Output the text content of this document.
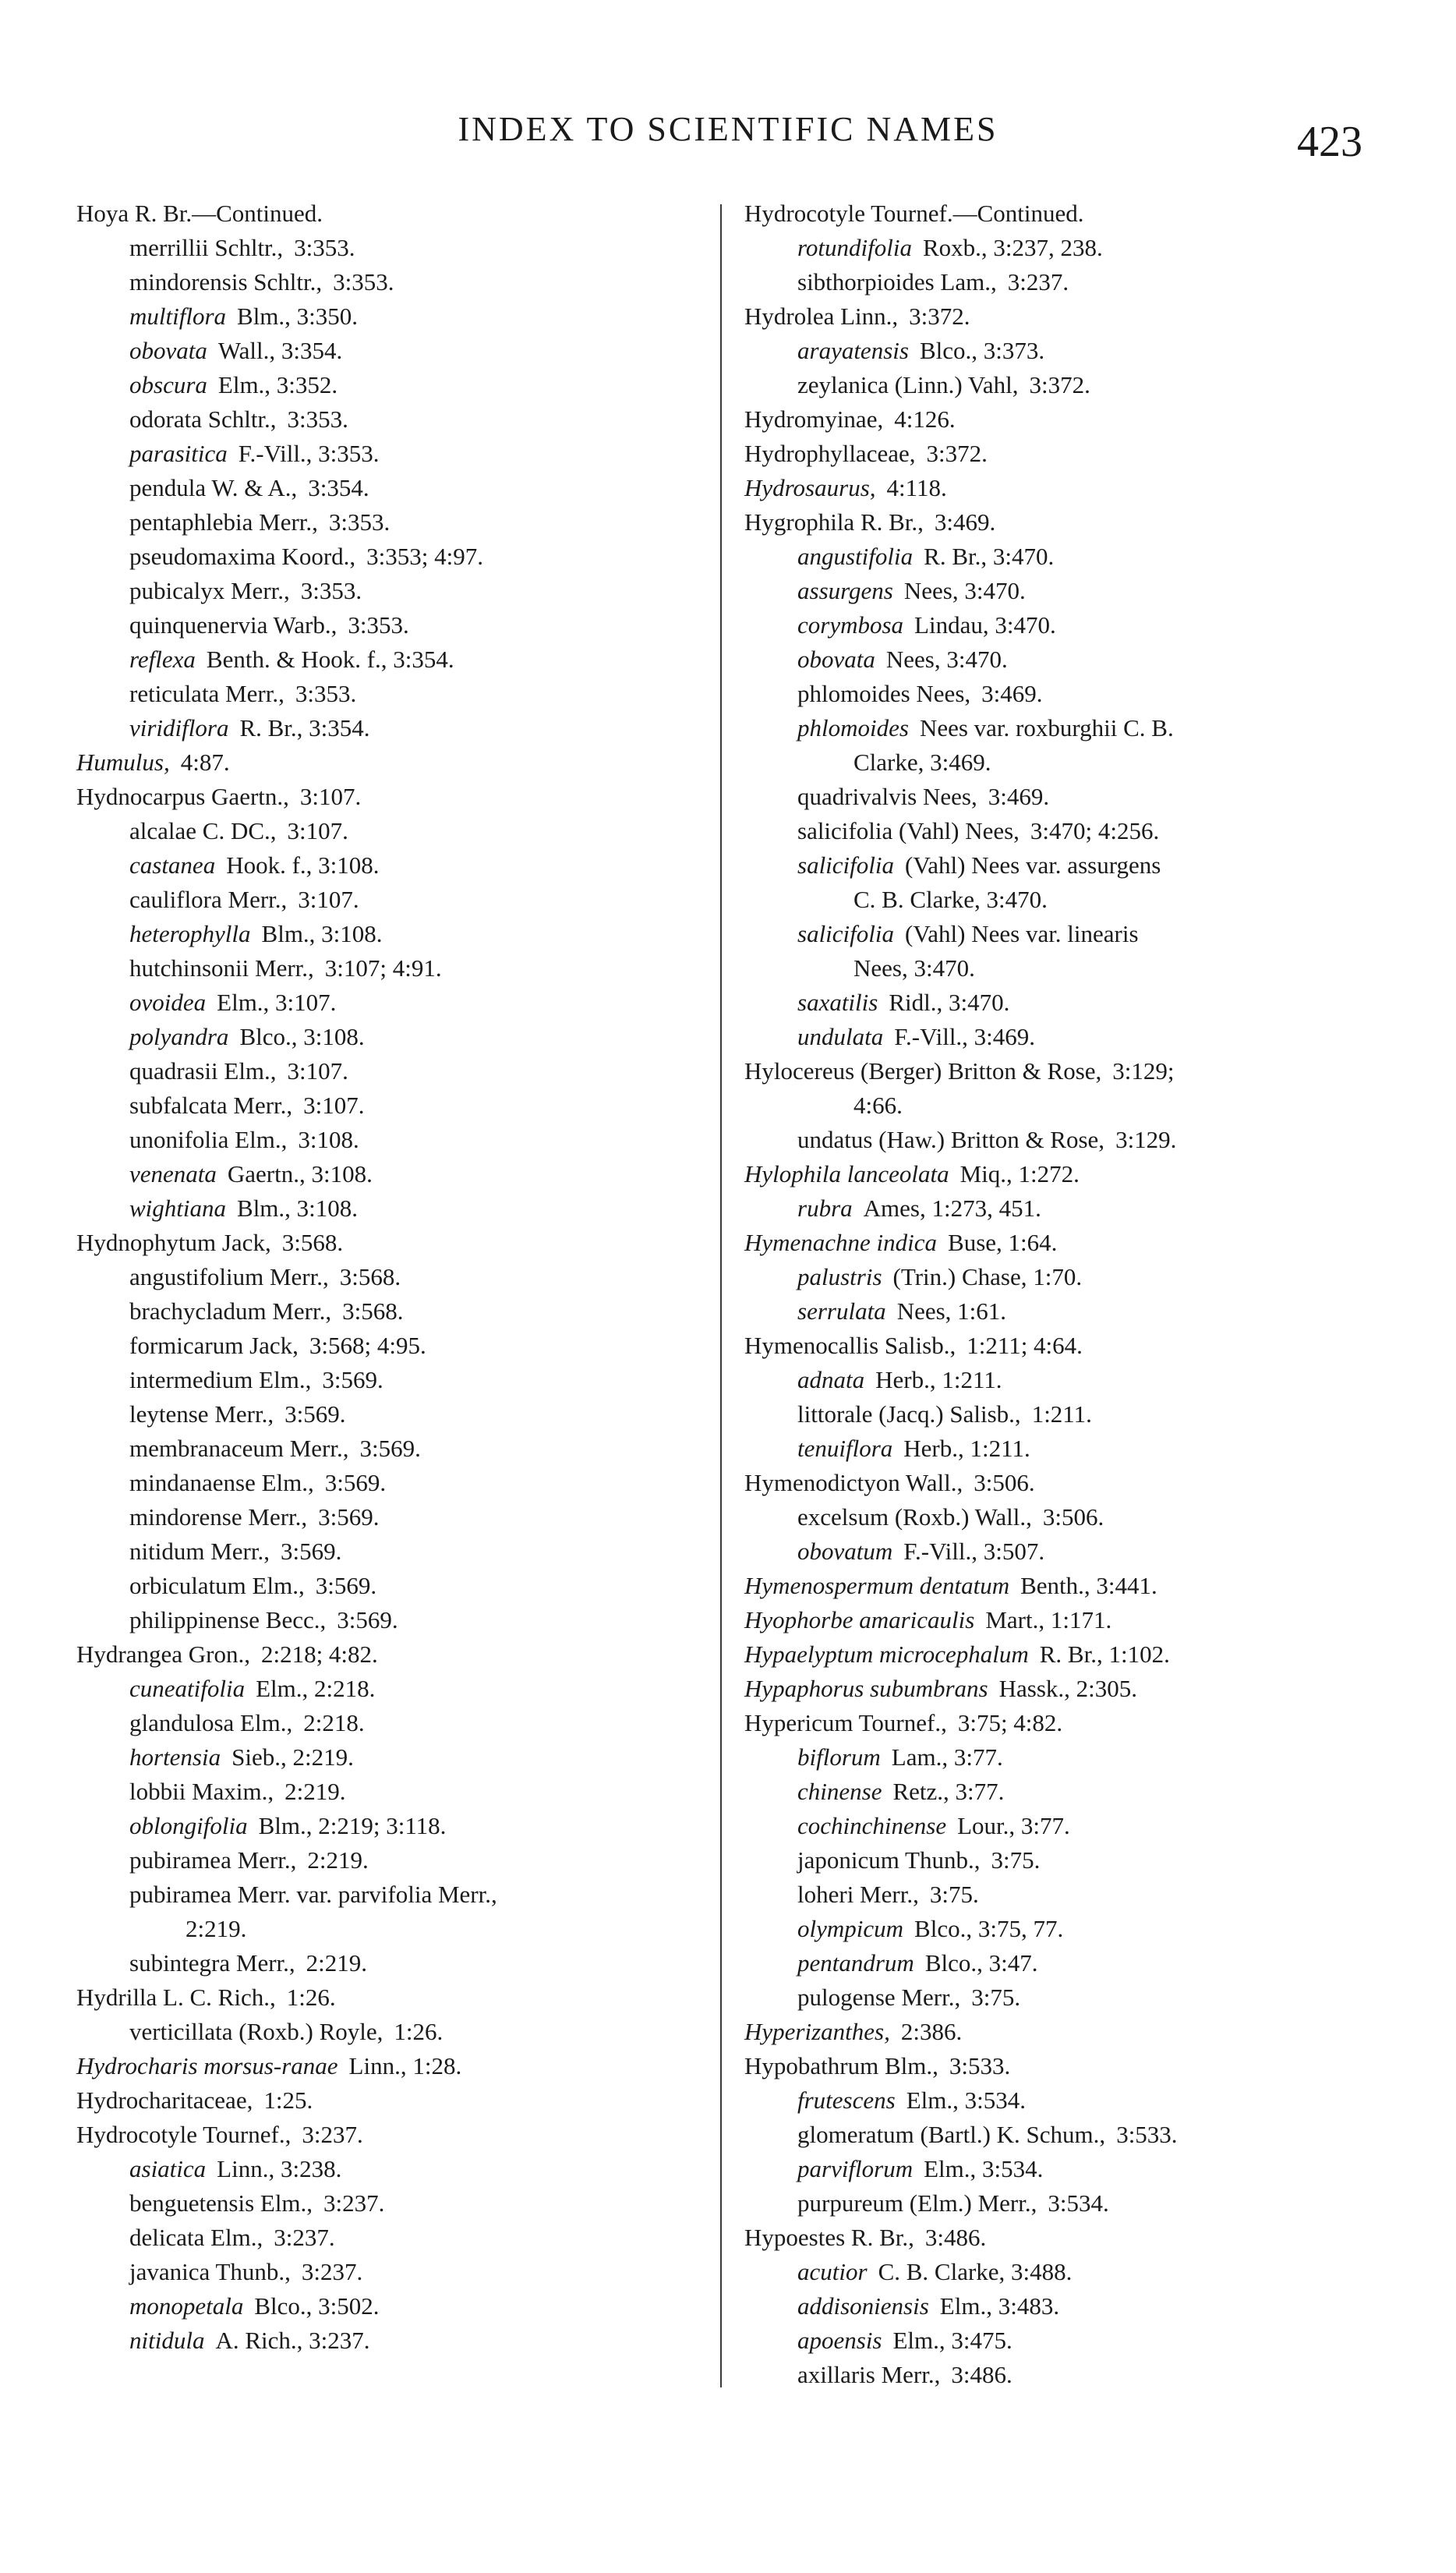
INDEX TO SCIENTIFIC NAMES	423
Hoya R. Br.—Continued.
merrillii Schltr., 3:353.
mindorensis Schltr., 3:353.
multiflora Blm., 3:350.
obovata Wall., 3:354.
obscura Elm., 3:352.
odorata Schltr., 3:353.
parasitica F.-Vill., 3:353.
pendula W. & A., 3:354.
pentaphlebia Merr., 3:353.
pseudomaxima Koord., 3:353; 4:97.
pubicalyx Merr., 3:353.
quinquenervia Warb., 3:353.
reflexa Benth. & Hook. f., 3:354.
reticulata Merr., 3:353.
viridiflora R. Br., 3:354.
Humulus, 4:87.
Hydnocarpus Gaertn., 3:107.
alcalae C. DC., 3:107.
castanea Hook. f., 3:108.
cauliflora Merr., 3:107.
heterophylla Blm., 3:108.
hutchinsonii Merr., 3:107; 4:91.
ovoidea Elm., 3:107.
polyandra Blco., 3:108.
quadrasii Elm., 3:107.
subfalcata Merr., 3:107.
unonifolia Elm., 3:108.
venenata Gaertn., 3:108.
wightiana Blm., 3:108.
Hydnophytum Jack, 3:568.
angustifolium Merr., 3:568.
brachycladum Merr., 3:568.
formicarum Jack, 3:568; 4:95.
intermedium Elm., 3:569.
leytense Merr., 3:569.
membranaceum Merr., 3:569.
mindanaense Elm., 3:569.
mindorense Merr., 3:569.
nitidum Merr., 3:569.
orbiculatum Elm., 3:569.
philippinense Becc., 3:569.
Hydrangea Gron., 2:218; 4:82.
cuneatifolia Elm., 2:218.
glandulosa Elm., 2:218.
hortensia Sieb., 2:219.
lobbii Maxim., 2:219.
oblongifolia Blm., 2:219; 3:118.
pubiramea Merr., 2:219.
pubiramea Merr. var. parvifolia Merr.,
2:219.
subintegra Merr., 2:219.
Hydrilla L. C. Rich., 1:26.
verticillata (Roxb.) Royle, 1:26.
Hydrocharis morsus-ranae Linn., 1:28.
Hydrocharitaceae, 1:25.
Hydrocotyle Tournef., 3:237.
asiatica Linn., 3:238.
benguetensis Elm., 3:237.
delicata Elm., 3:237.
javanica Thunb., 3:237.
monopetala Blco., 3:502.
nitidula A. Rich., 3:237.
Hydrocotyle Tournef.—Continued.
rotundifolia Roxb., 3:237, 238.
sibthorpioides Lam., 3:237.
Hydrolea Linn., 3:372.
arayatensis Blco., 3:373.
zeylanica (Linn.) Vahl, 3:372.
Hydromyinae, 4:126.
Hydrophyllaceae, 3:372.
Hydrosaurus, 4:118.
Hygrophila R. Br., 3:469.
angustifolia R. Br., 3:470.
assurgens Nees, 3:470.
corymbosa Lindau, 3:470.
obovata Nees, 3:470.
phlomoides Nees, 3:469.
phlomoides Nees var. roxburghii C. B.
Clarke, 3:469.
quadrivalvis Nees, 3:469.
salicifolia (Vahl) Nees, 3:470; 4:256.
salicifolia (Vahl) Nees var. assurgens
C. B. Clarke, 3:470.
salicifolia (Vahl) Nees var. linearis
Nees, 3:470.
saxatilis Ridl., 3:470.
undulata F.-Vill., 3:469.
Hylocereus (Berger) Britton & Rose, 3:129;
4:66.
undatus (Haw.) Britton & Rose, 3:129.
Hylophila lanceolata Miq., 1:272.
rubra Ames, 1:273, 451.
Hymenachne indica Buse, 1:64.
palustris (Trin.) Chase, 1:70.
serrulata Nees, 1:61.
Hymenocallis Salisb., 1:211; 4:64.
adnata Herb., 1:211.
littorale (Jacq.) Salisb., 1:211.
tenuiflora Herb., 1:211.
Hymenodictyon Wall., 3:506.
excelsum (Roxb.) Wall., 3:506.
obovatum F.-Vill., 3:507.
Hymenospermum dentatum Benth., 3:441.
Hyophorbe amaricaulis Mart., 1:171.
Hypaelyptum microcephalum R. Br., 1:102.
Hypaphorus subumbrans Hassk., 2:305.
Hypericum Tournef., 3:75; 4:82.
biflorum Lam., 3:77.
chinense Retz., 3:77.
cochinchinense Lour., 3:77.
japonicum Thunb., 3:75.
loheri Merr., 3:75.
olympicum Blco., 3:75, 77.
pentandrum Blco., 3:47.
pulogense Merr., 3:75.
Hyperizanthes, 2:386.
Hypobathrum Blm., 3:533.
frutescens Elm., 3:534.
glomeratum (Bartl.) K. Schum., 3:533.
parviflorum Elm., 3:534.
purpureum (Elm.) Merr., 3:534.
Hypoestes R. Br., 3:486.
acutior C. B. Clarke, 3:488.
addisoniensis Elm., 3:483.
apoensis Elm., 3:475.
axillaris Merr., 3:486.
